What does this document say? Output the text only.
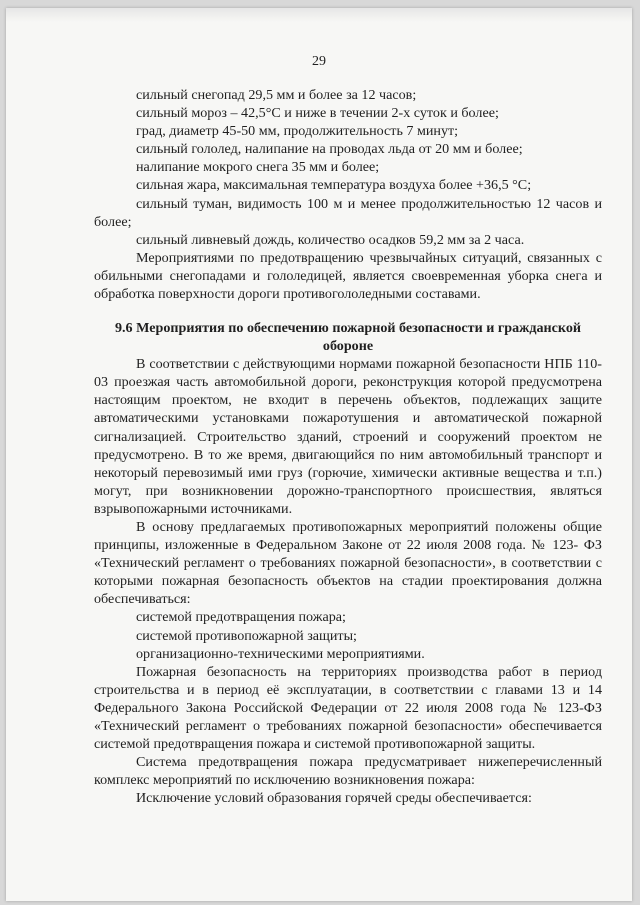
29

сильный снегопад 29,5 мм и более за 12 часов;

сильный мороз – 42,5°С и ниже в течении 2-х суток и более;

град, диаметр 45-50 мм, продолжительность 7 минут;

сильный гололед, налипание на проводах льда от 20 мм и более;

налипание мокрого снега 35 мм и более;

сильная жара, максимальная температура воздуха более +36,5 °С;

сильный туман, видимость 100 м и менее продолжительностью 12 часов и более;

сильный ливневый дождь, количество осадков 59,2 мм за 2 часа.

Мероприятиями по предотвращению чрезвычайных ситуаций, связанных с обильными снегопадами и гололедицей, является своевременная уборка снега и обработка поверхности дороги противогололедными составами.

9.6 Мероприятия по обеспечению пожарной безопасности и гражданской обороне

В соответствии с действующими нормами пожарной безопасности НПБ 110-03 проезжая часть автомобильной дороги, реконструкция которой предусмотрена настоящим проектом, не входит в перечень объектов, подлежащих защите автоматическими установками пожаротушения и автоматической пожарной сигнализацией. Строительство зданий, строений и сооружений проектом не предусмотрено. В то же время, двигающийся по ним автомобильный транспорт и некоторый перевозимый ими груз (горючие, химически активные вещества и т.п.) могут, при возникновении дорожно-транспортного происшествия, являться взрывопожарными источниками.

В основу предлагаемых противопожарных мероприятий положены общие принципы, изложенные в Федеральном Законе от 22 июля 2008 года. № 123- ФЗ «Технический регламент о требованиях пожарной безопасности», в соответствии с которыми пожарная безопасность объектов на стадии проектирования должна обеспечиваться:

системой предотвращения пожара;

системой противопожарной защиты;

организационно-техническими мероприятиями.

Пожарная безопасность на территориях производства работ в период строительства и в период её эксплуатации, в соответствии с главами 13 и 14 Федерального Закона Российской Федерации от 22 июля 2008 года № 123-ФЗ «Технический регламент о требованиях пожарной безопасности» обеспечивается системой предотвращения пожара и системой противопожарной защиты.

Система предотвращения пожара предусматривает нижеперечисленный комплекс мероприятий по исключению возникновения пожара:

Исключение условий образования горячей среды обеспечивается:
